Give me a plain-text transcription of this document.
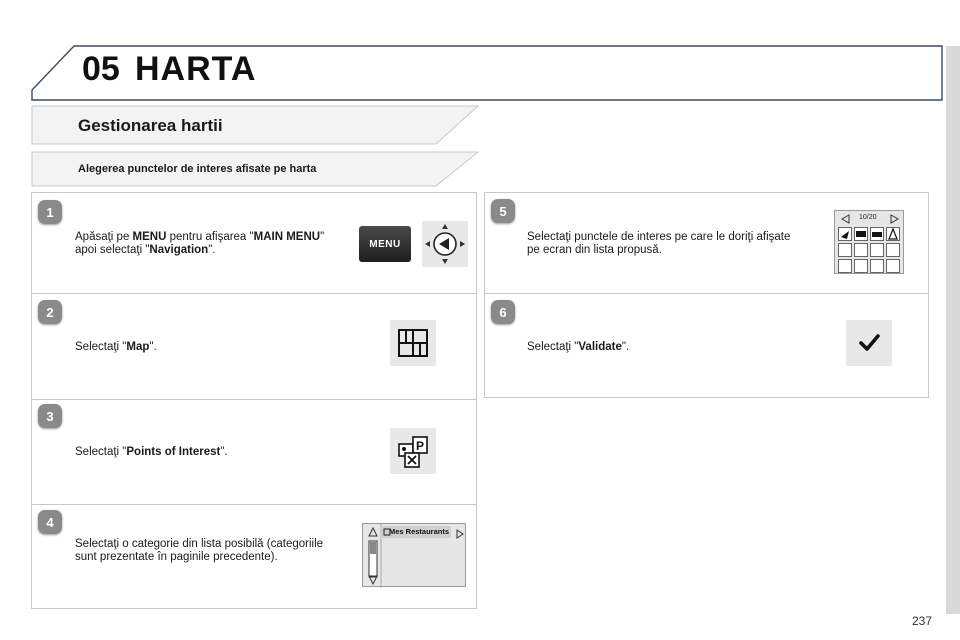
05 HARTA
Gestionarea hartii
Alegerea punctelor de interes afisate pe harta
1
Apăsaţi pe MENU pentru afişarea "MAIN MENU" apoi selectaţi "Navigation".	MENU
2
Selectaţi "Map".
3
Selectaţi "Points of Interest".	P
4
Selectaţi o categorie din lista posibilă (categoriile sunt prezentate în paginile precedente).
Mes Restaurants
5
Selectaţi punctele de interes pe care le doriţi afişate pe ecran din lista propusă.
10/20
6
Selectaţi "Validate".
237
